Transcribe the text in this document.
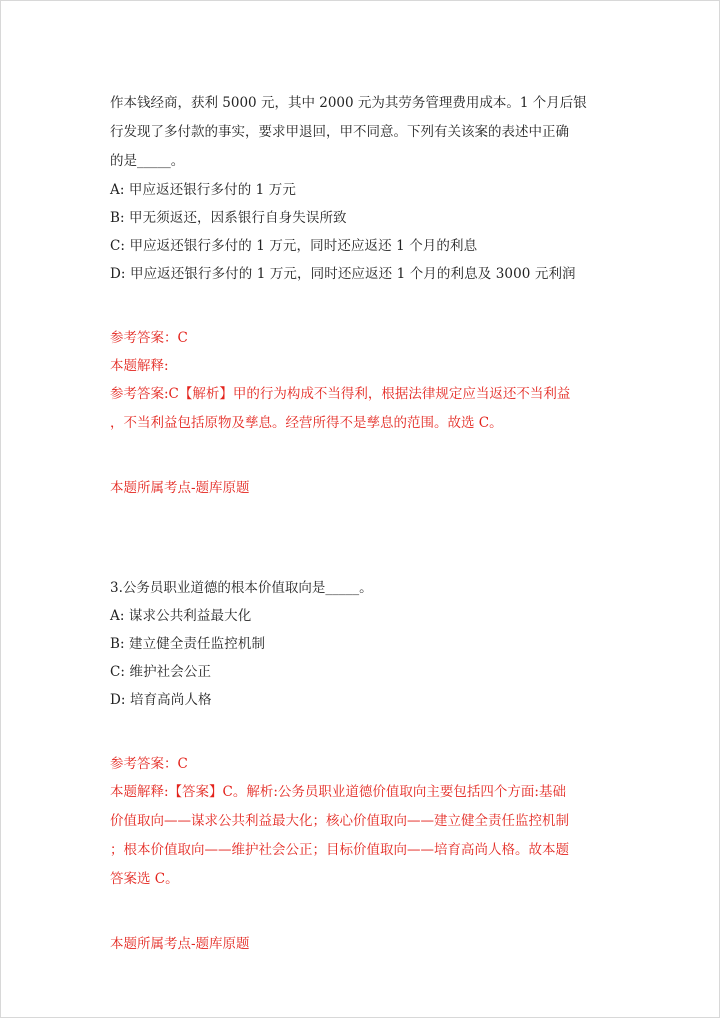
作本钱经商，获利 5000 元，其中 2000 元为其劳务管理费用成本。1 个月后银
行发现了多付款的事实，要求甲退回，甲不同意。下列有关该案的表述中正确
的是_____。
A: 甲应返还银行多付的 1 万元
B: 甲无须返还，因系银行自身失误所致
C: 甲应返还银行多付的 1 万元，同时还应返还 1 个月的利息
D: 甲应返还银行多付的 1 万元，同时还应返还 1 个月的利息及 3000 元利润
参考答案：C
本题解释:
参考答案:C【解析】甲的行为构成不当得利，根据法律规定应当返还不当利益
，不当利益包括原物及孳息。经营所得不是孳息的范围。故选 C。
本题所属考点-题库原题
3.公务员职业道德的根本价值取向是_____。
A: 谋求公共利益最大化
B: 建立健全责任监控机制
C: 维护社会公正
D: 培育高尚人格
参考答案：C
本题解释:【答案】C。解析:公务员职业道德价值取向主要包括四个方面:基础
价值取向——谋求公共利益最大化；核心价值取向——建立健全责任监控机制
；根本价值取向——维护社会公正；目标价值取向——培育高尚人格。故本题
答案选 C。
本题所属考点-题库原题
